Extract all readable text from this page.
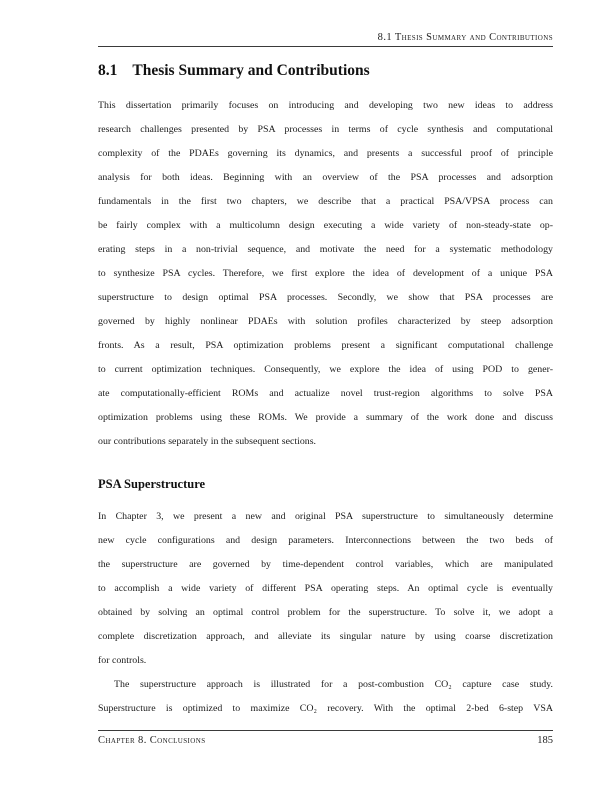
8.1 Thesis Summary and Contributions
8.1 Thesis Summary and Contributions
This dissertation primarily focuses on introducing and developing two new ideas to address
research challenges presented by PSA processes in terms of cycle synthesis and computational
complexity of the PDAEs governing its dynamics, and presents a successful proof of principle
analysis for both ideas. Beginning with an overview of the PSA processes and adsorption
fundamentals in the first two chapters, we describe that a practical PSA/VPSA process can
be fairly complex with a multicolumn design executing a wide variety of non-steady-state op-
erating steps in a non-trivial sequence, and motivate the need for a systematic methodology
to synthesize PSA cycles. Therefore, we first explore the idea of development of a unique PSA
superstructure to design optimal PSA processes. Secondly, we show that PSA processes are
governed by highly nonlinear PDAEs with solution profiles characterized by steep adsorption
fronts. As a result, PSA optimization problems present a significant computational challenge
to current optimization techniques. Consequently, we explore the idea of using POD to gener-
ate computationally-efficient ROMs and actualize novel trust-region algorithms to solve PSA
optimization problems using these ROMs. We provide a summary of the work done and discuss
our contributions separately in the subsequent sections.
PSA Superstructure
In Chapter 3, we present a new and original PSA superstructure to simultaneously determine
new cycle configurations and design parameters. Interconnections between the two beds of
the superstructure are governed by time-dependent control variables, which are manipulated
to accomplish a wide variety of different PSA operating steps. An optimal cycle is eventually
obtained by solving an optimal control problem for the superstructure. To solve it, we adopt a
complete discretization approach, and alleviate its singular nature by using coarse discretization
for controls.
The superstructure approach is illustrated for a post-combustion CO₂ capture case study.
Superstructure is optimized to maximize CO₂ recovery. With the optimal 2-bed 6-step VSA
Chapter 8. Conclusions	185
